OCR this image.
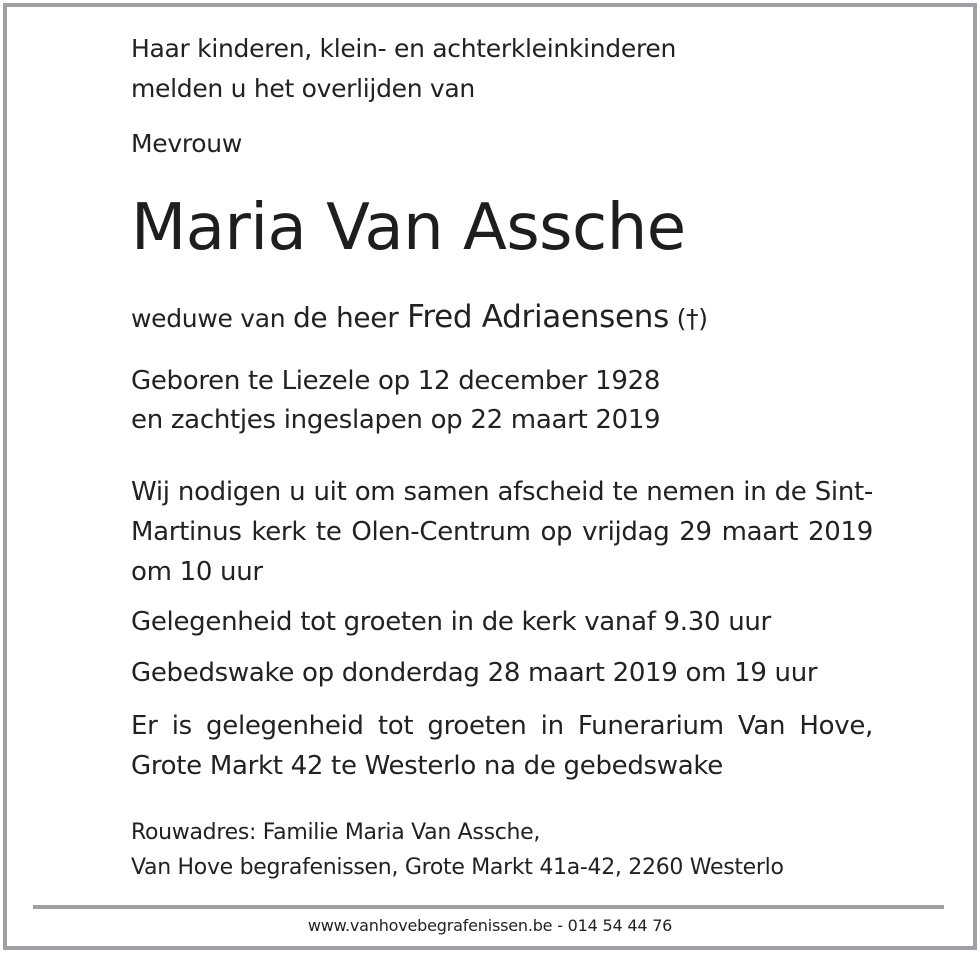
Haar kinderen, klein- en achterkleinkinderen
melden u het overlijden van
Mevrouw
Maria Van Assche
weduwe van de heer Fred Adriaensens (†)
Geboren te Liezele op 12 december 1928
en zachtjes ingeslapen op 22 maart 2019
Wij nodigen u uit om samen afscheid te nemen in de Sint-Martinus kerk te Olen-Centrum op vrijdag 29 maart 2019 om 10 uur
Gelegenheid tot groeten in de kerk vanaf 9.30 uur
Gebedswake op donderdag 28 maart 2019 om 19 uur
Er is gelegenheid tot groeten in Funerarium Van Hove, Grote Markt 42 te Westerlo na de gebedswake
Rouwadres: Familie Maria Van Assche,
Van Hove begrafenissen, Grote Markt 41a-42, 2260 Westerlo
www.vanhovebegrafenissen.be - 014 54 44 76
